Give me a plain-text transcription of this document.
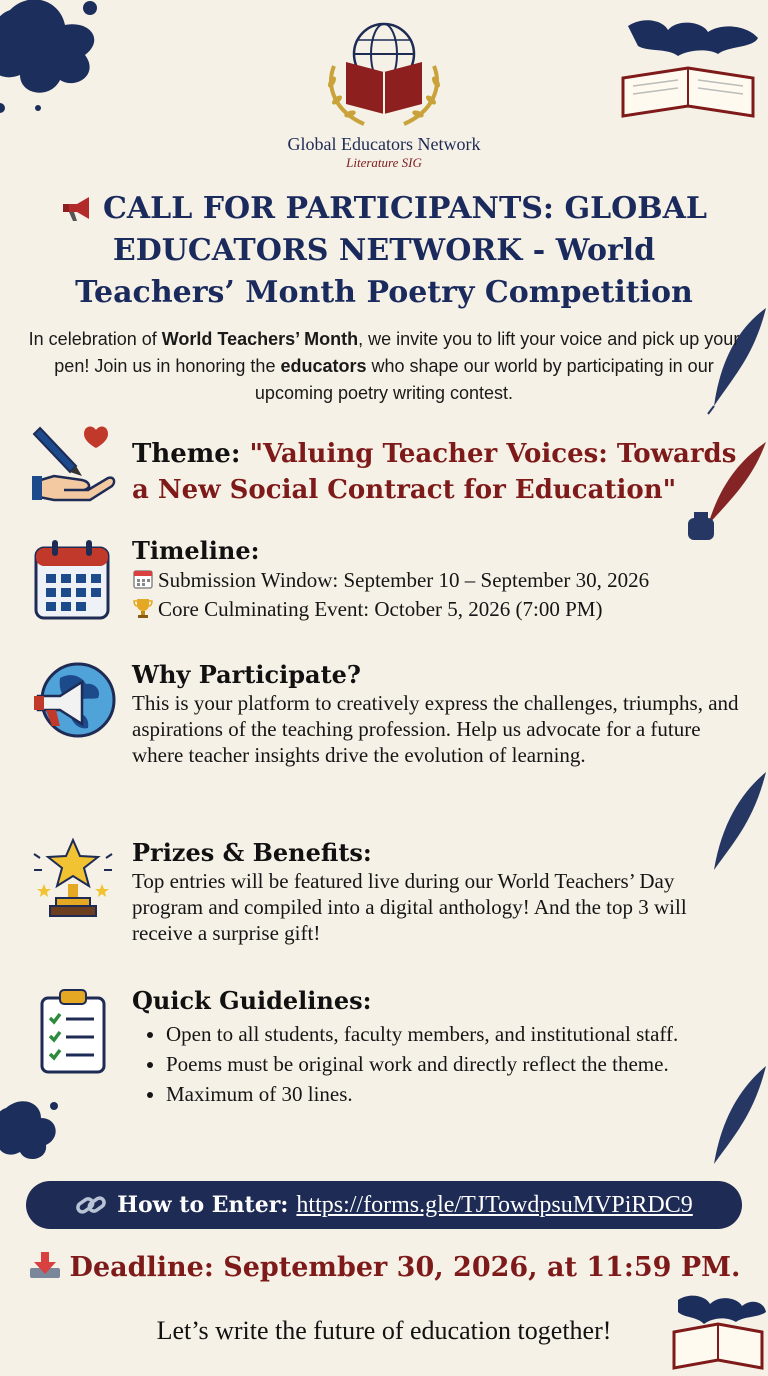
Global Educators Network
Literature SIG
CALL FOR PARTICIPANTS: GLOBAL EDUCATORS NETWORK - World Teachers’ Month Poetry Competition
In celebration of World Teachers’ Month, we invite you to lift your voice and pick up your pen! Join us in honoring the educators who shape our world by participating in our upcoming poetry writing contest.
Theme: "Valuing Teacher Voices: Towards a New Social Contract for Education"
Timeline:
Submission Window: September 10 – September 30, 2026
Core Culminating Event: October 5, 2026 (7:00 PM)
Why Participate?
This is your platform to creatively express the challenges, triumphs, and aspirations of the teaching profession. Help us advocate for a future where teacher insights drive the evolution of learning.
Prizes & Benefits:
Top entries will be featured live during our World Teachers’ Day program and compiled into a digital anthology! And the top 3 will receive a surprise gift!
Quick Guidelines:
• Open to all students, faculty members, and institutional staff.
• Poems must be original work and directly reflect the theme.
• Maximum of 30 lines.
How to Enter: https://forms.gle/TJTowdpsuMVPiRDC9
Deadline: September 30, 2026, at 11:59 PM.
Let’s write the future of education together!
